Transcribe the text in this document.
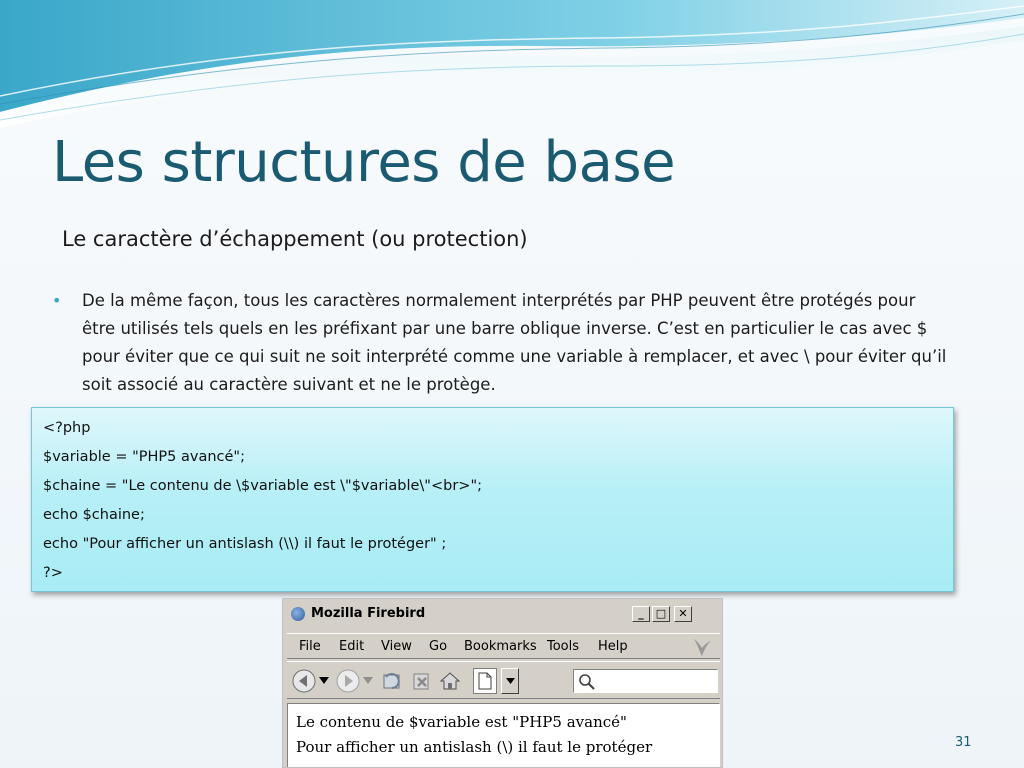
Les structures de base
Le caractère d’échappement (ou protection)
• De la même façon, tous les caractères normalement interprétés par PHP peuvent être protégés pour être utilisés tels quels en les préfixant par une barre oblique inverse. C’est en particulier le cas avec $ pour éviter que ce qui suit ne soit interprété comme une variable à remplacer, et avec \ pour éviter qu’il soit associé au caractère suivant et ne le protège.
<?php
$variable = "PHP5 avancé";
$chaine = "Le contenu de \$variable est \"$variable\"<br>";
echo $chaine;
echo "Pour afficher un antislash (\\) il faut le protéger" ;
?>
Mozilla Firebird	_	□	✕
File Edit View Go Bookmarks Tools Help
Le contenu de $variable est "PHP5 avancé"
Pour afficher un antislash (\) il faut le protéger	31
